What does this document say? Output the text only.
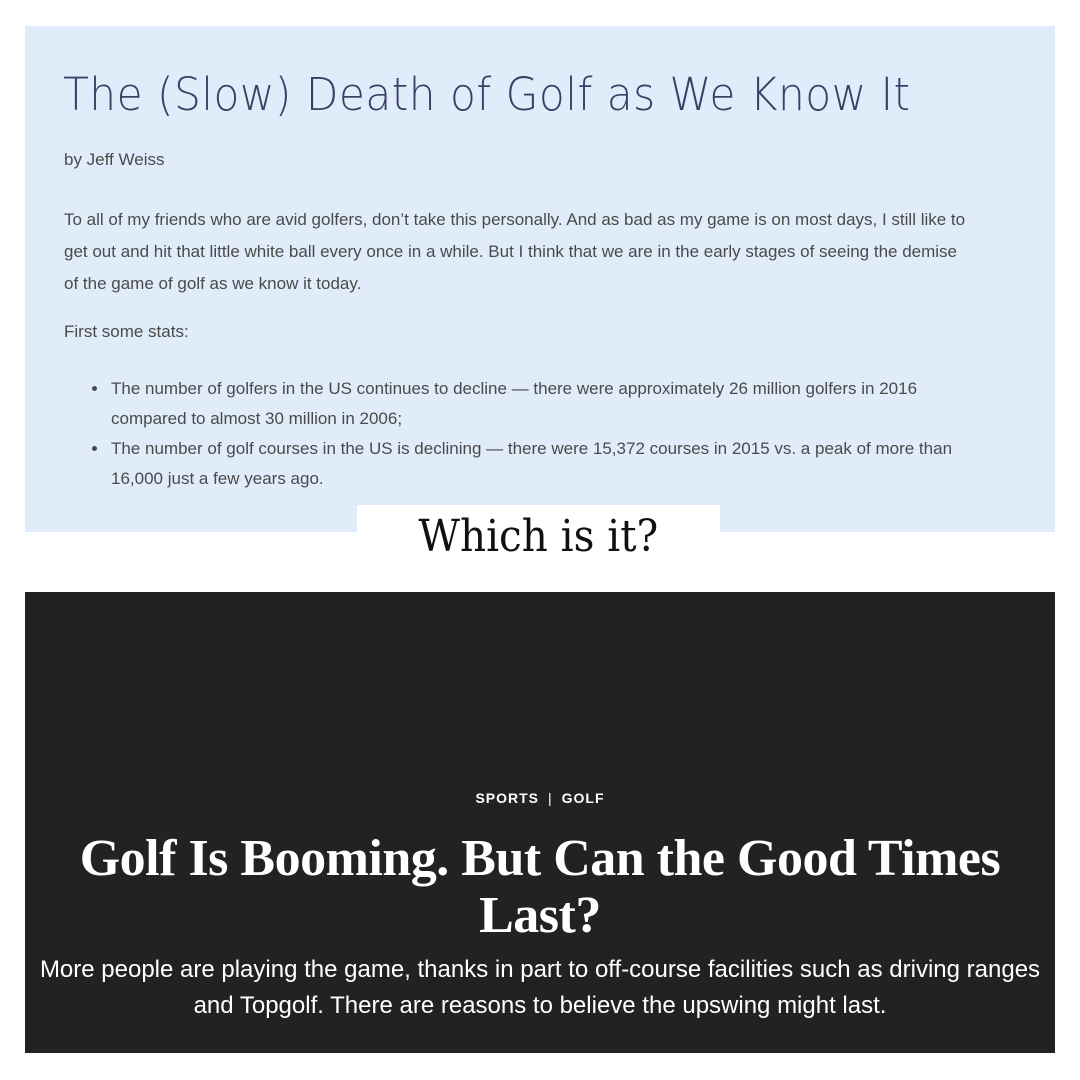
The (Slow) Death of Golf as We Know It
by Jeff Weiss

To all of my friends who are avid golfers, don’t take this personally. And as bad as my game is on most days, I still like to get out and hit that little white ball every once in a while. But I think that we are in the early stages of seeing the demise of the game of golf as we know it today.

First some stats:
• The number of golfers in the US continues to decline — there were approximately 26 million golfers in 2016 compared to almost 30 million in 2006;
• The number of golf courses in the US is declining — there were 15,372 courses in 2015 vs. a peak of more than 16,000 just a few years ago.
Which is it?
SPORTS | GOLF
Golf Is Booming. But Can the Good Times
Last?

More people are playing the game, thanks in part to off-course facilities such as driving ranges and Topgolf. There are reasons to believe the upswing might last.
